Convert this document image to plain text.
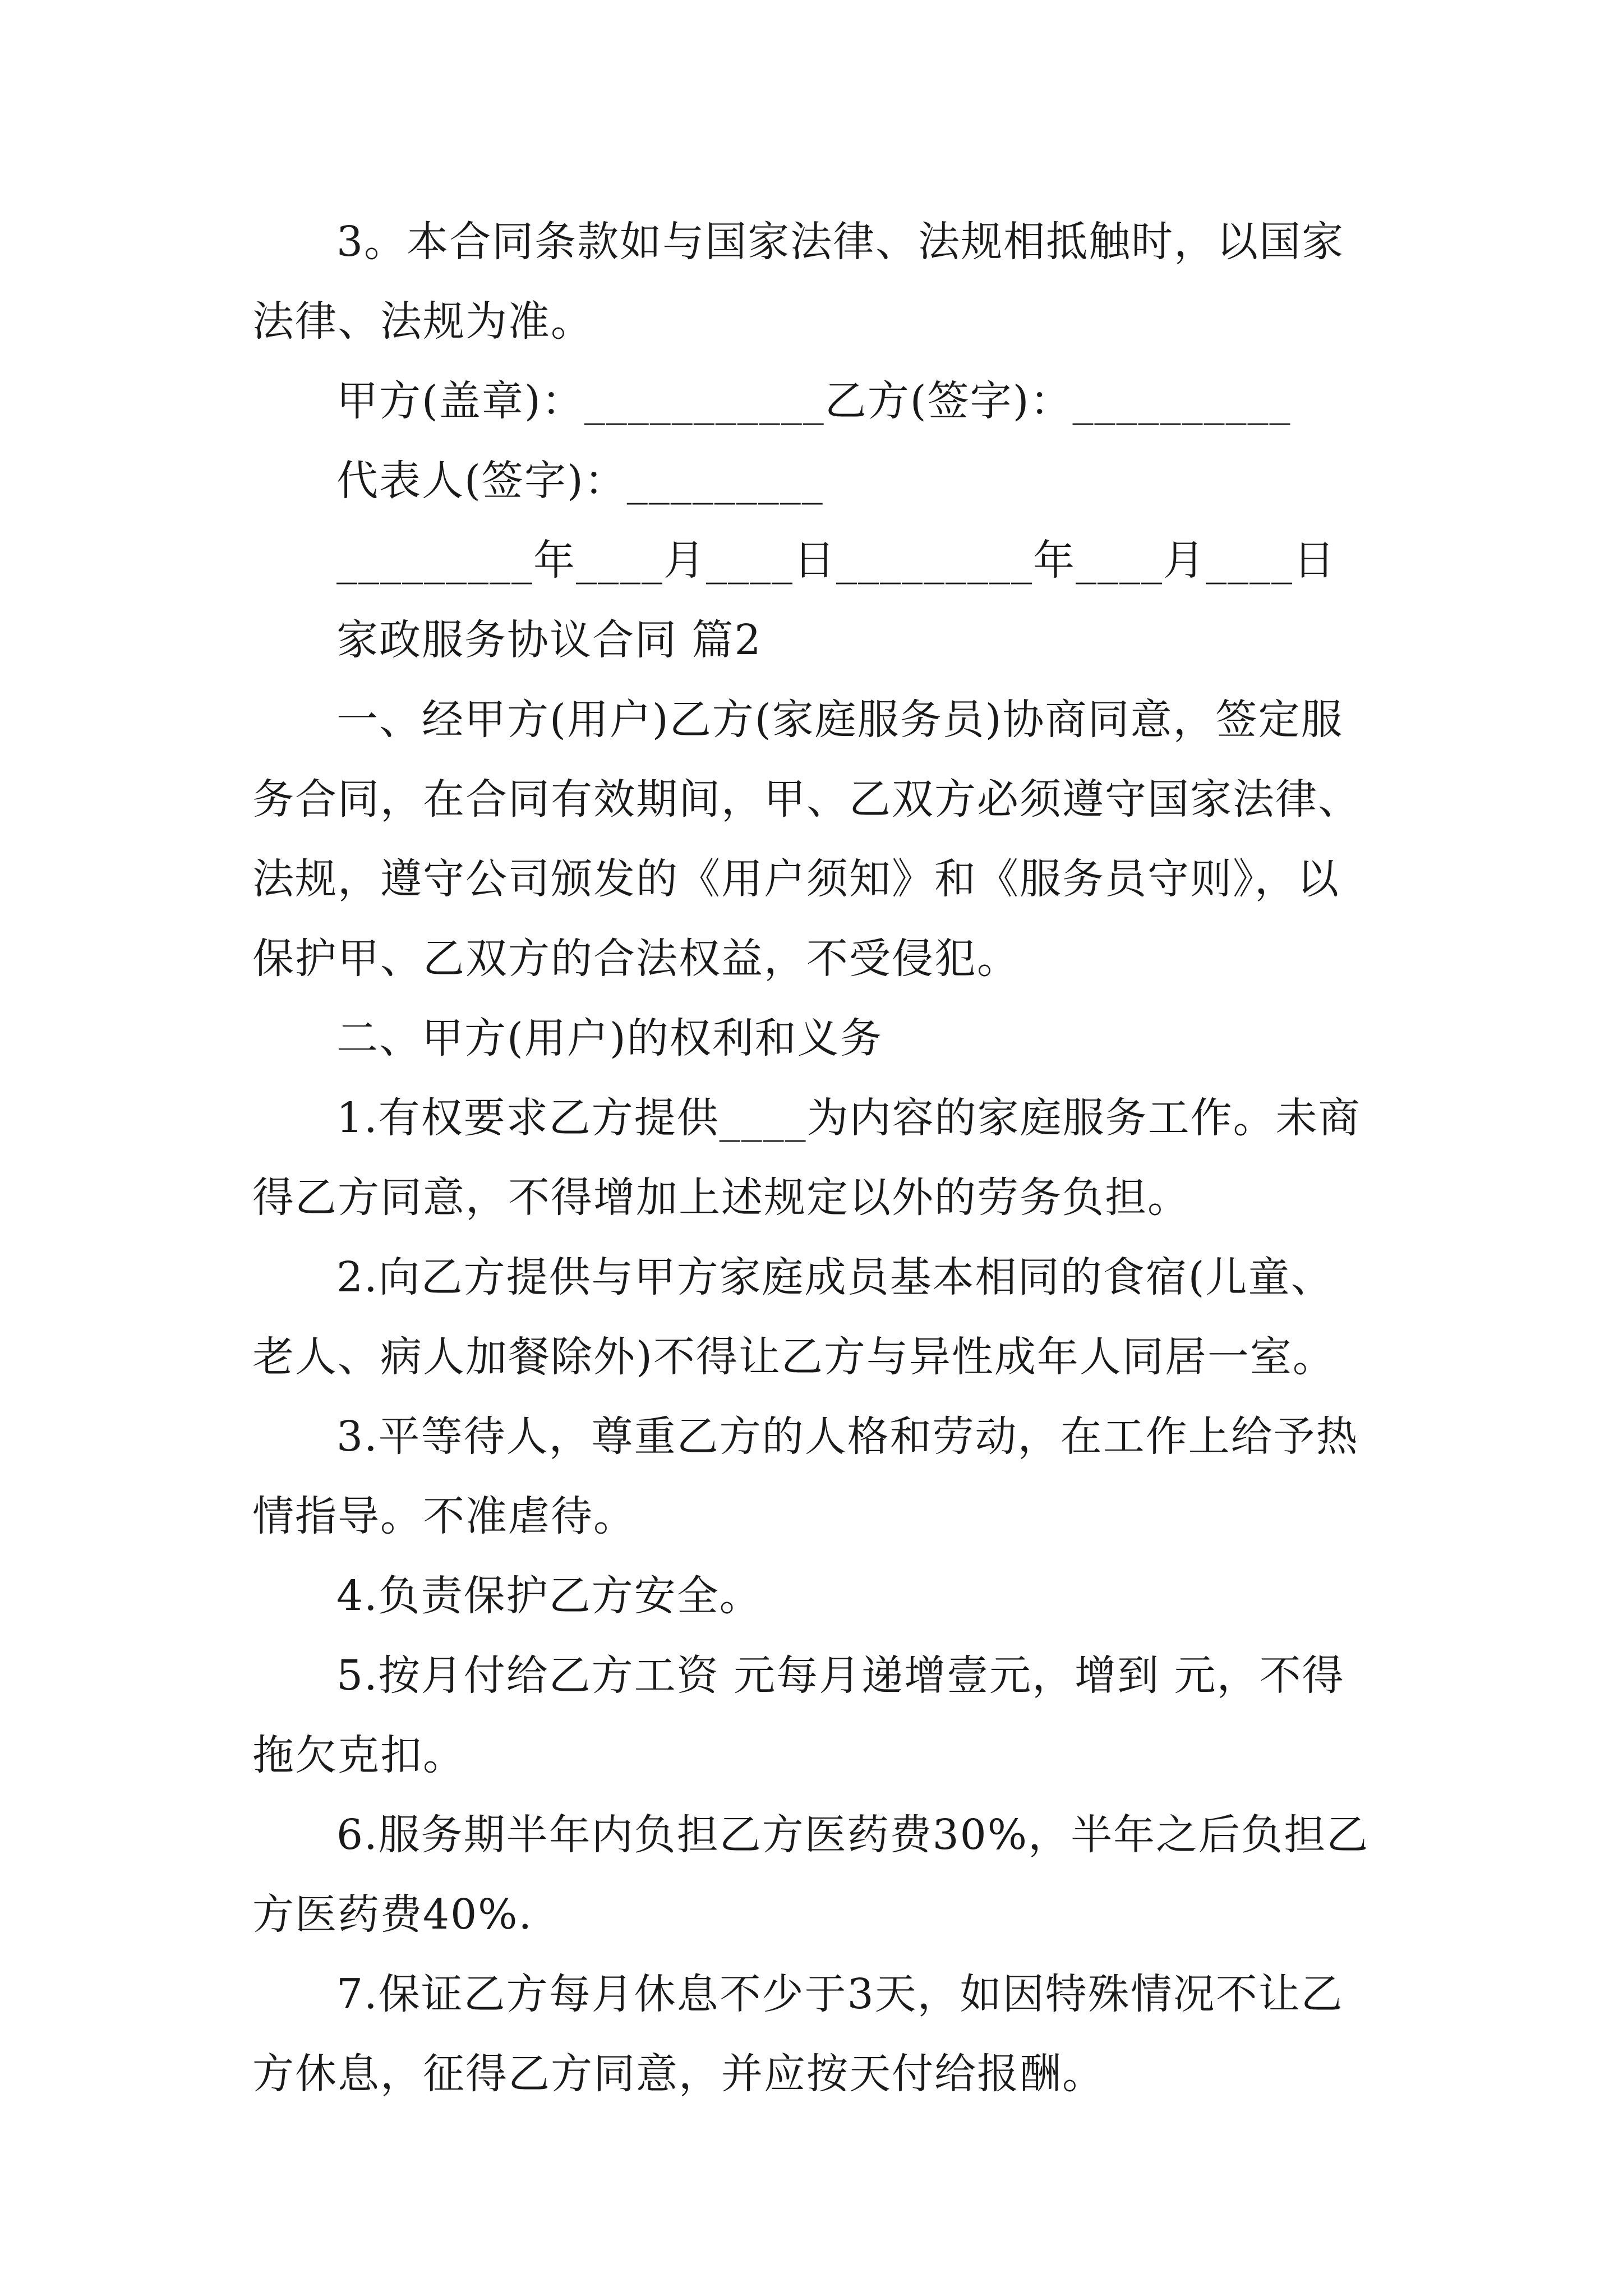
3。本合同条款如与国家法律、法规相抵触时，以国家
法律、法规为准。
甲方(盖章)：___________乙方(签字)：__________
代表人(签字)：_________
_________年____月____日_________年____月____日
家政服务协议合同 篇2
一、经甲方(用户)乙方(家庭服务员)协商同意，签定服
务合同，在合同有效期间，甲、乙双方必须遵守国家法律、
法规，遵守公司颁发的《用户须知》和《服务员守则》，以
保护甲、乙双方的合法权益，不受侵犯。
二、甲方(用户)的权利和义务
1.有权要求乙方提供____为内容的家庭服务工作。未商
得乙方同意，不得增加上述规定以外的劳务负担。
2.向乙方提供与甲方家庭成员基本相同的食宿(儿童、
老人、病人加餐除外)不得让乙方与异性成年人同居一室。
3.平等待人，尊重乙方的人格和劳动，在工作上给予热
情指导。不准虐待。
4.负责保护乙方安全。
5.按月付给乙方工资 元每月递增壹元，增到 元，不得
拖欠克扣。
6.服务期半年内负担乙方医药费30%，半年之后负担乙
方医药费40%.
7.保证乙方每月休息不少于3天，如因特殊情况不让乙
方休息，征得乙方同意，并应按天付给报酬。
